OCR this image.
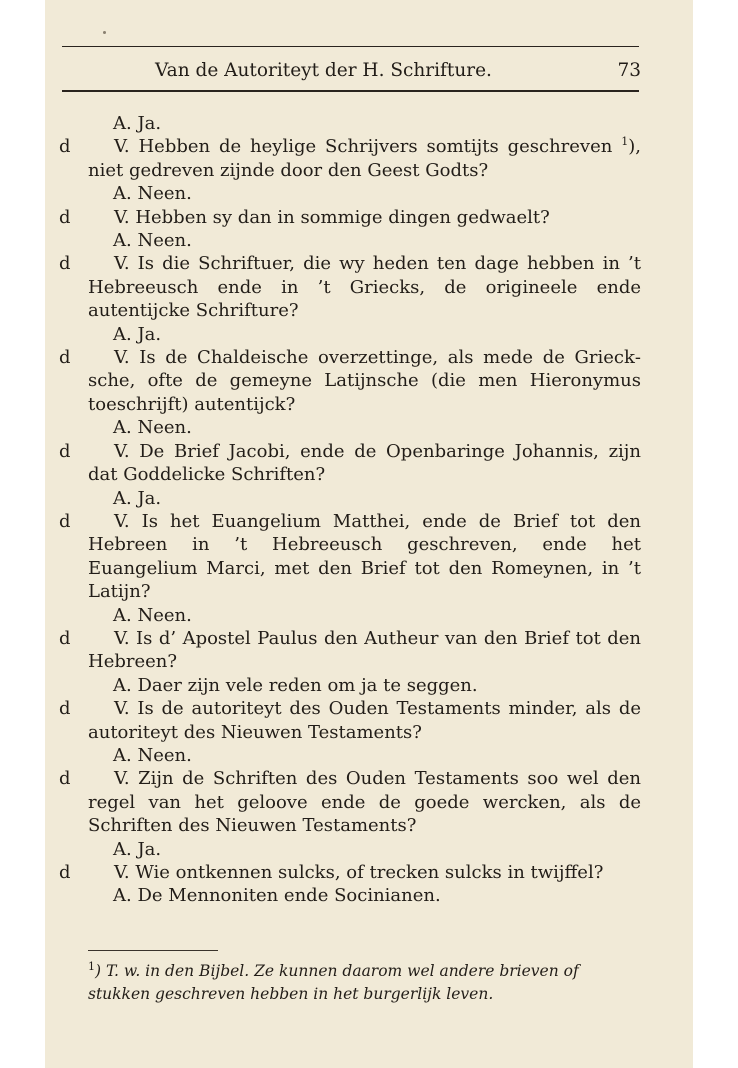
Van de Autoriteyt der H. Schrifture.	73
A. Ja.
d V. Hebben de heylige Schrijvers somtijts geschreven $^1$), niet gedreven zijnde door den Geest Godts?
A. Neen.
d V. Hebben sy dan in sommige dingen gedwaelt?
A. Neen.
d V. Is die Schriftuer, die wy heden ten dage hebben in ’t Hebreeusch ende in ’t Griecks, de origineele ende autentijcke Schrifture?
A. Ja.
d V. Is de Chaldeische overzettinge, als mede de Griecksche, ofte de gemeyne Latijnsche (die men Hieronymus toeschrijft) autentijck?
A. Neen.
d V. De Brief Jacobi, ende de Openbaringe Johannis, zijn dat Goddelicke Schriften?
A. Ja.
d V. Is het Euangelium Matthei, ende de Brief tot den Hebreen in ’t Hebreeusch geschreven, ende het Euangelium Marci, met den Brief tot den Romeynen, in ’t Latijn?
A. Neen.
d V. Is d’ Apostel Paulus den Autheur van den Brief tot den Hebreen?
A. Daer zijn vele reden om ja te seggen.
d V. Is de autoriteyt des Ouden Testaments minder, als de autoriteyt des Nieuwen Testaments?
A. Neen.
d V. Zijn de Schriften des Ouden Testaments soo wel den regel van het geloove ende de goede wercken, als de Schriften des Nieuwen Testaments?
A. Ja.
d V. Wie ontkennen sulcks, of trecken sulcks in twijffel?
A. De Mennoniten ende Socinianen.
$^1$) T. w. in den Bijbel. Ze kunnen daarom wel andere brieven of stukken geschreven hebben in het burgerlijk leven.
